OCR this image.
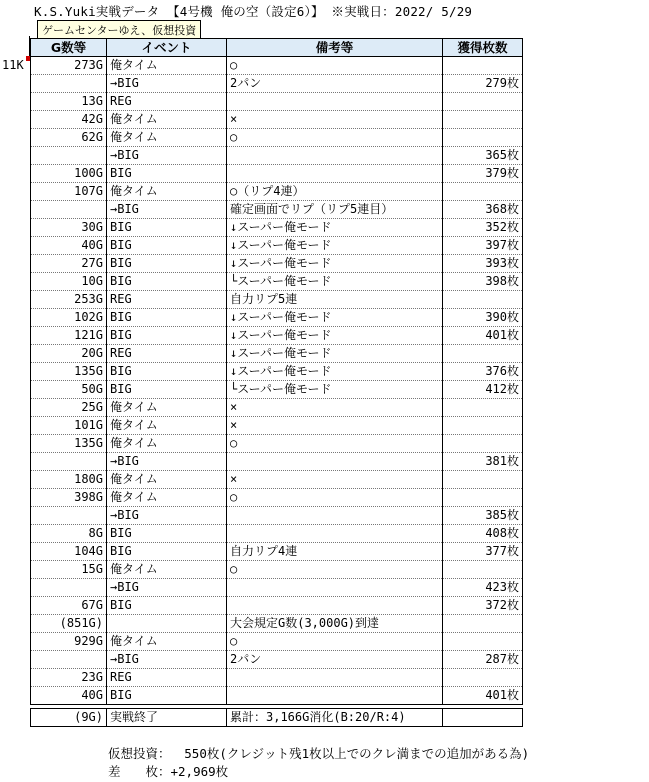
K.S.Yuki実戦データ 【4号機 俺の空（設定6）】 ※実戦日：2022/ 5/29
ゲームセンターゆえ、仮想投資
11K
G数等	イベント	備考等	獲得枚数
273G	俺タイム	○	
	→BIG	2パン	279枚
13G	REG		
42G	俺タイム	×	
62G	俺タイム	○	
	→BIG		365枚
100G	BIG		379枚
107G	俺タイム	○（リプ4連）	
	→BIG	確定画面でリプ（リプ5連目）	368枚
30G	BIG	↓スーパー俺モード	352枚
40G	BIG	↓スーパー俺モード	397枚
27G	BIG	↓スーパー俺モード	393枚
10G	BIG	└スーパー俺モード	398枚
253G	REG	自力リプ5連	
102G	BIG	↓スーパー俺モード	390枚
121G	BIG	↓スーパー俺モード	401枚
20G	REG	↓スーパー俺モード	
135G	BIG	↓スーパー俺モード	376枚
50G	BIG	└スーパー俺モード	412枚
25G	俺タイム	×	
101G	俺タイム	×	
135G	俺タイム	○	
	→BIG		381枚
180G	俺タイム	×	
398G	俺タイム	○	
	→BIG		385枚
8G	BIG		408枚
104G	BIG	自力リプ4連	377枚
15G	俺タイム	○	
	→BIG		423枚
67G	BIG		372枚
(851G)		大会規定G数(3,000G)到達	
929G	俺タイム	○	
	→BIG	2パン	287枚
23G	REG		
40G	BIG		401枚

(9G)	実戦終了	累計：3,166G消化(B:20/R:4)	
仮想投資：　 550枚(クレジット残1枚以上でのクレ満までの追加がある為)
差　　枚：+2,969枚
